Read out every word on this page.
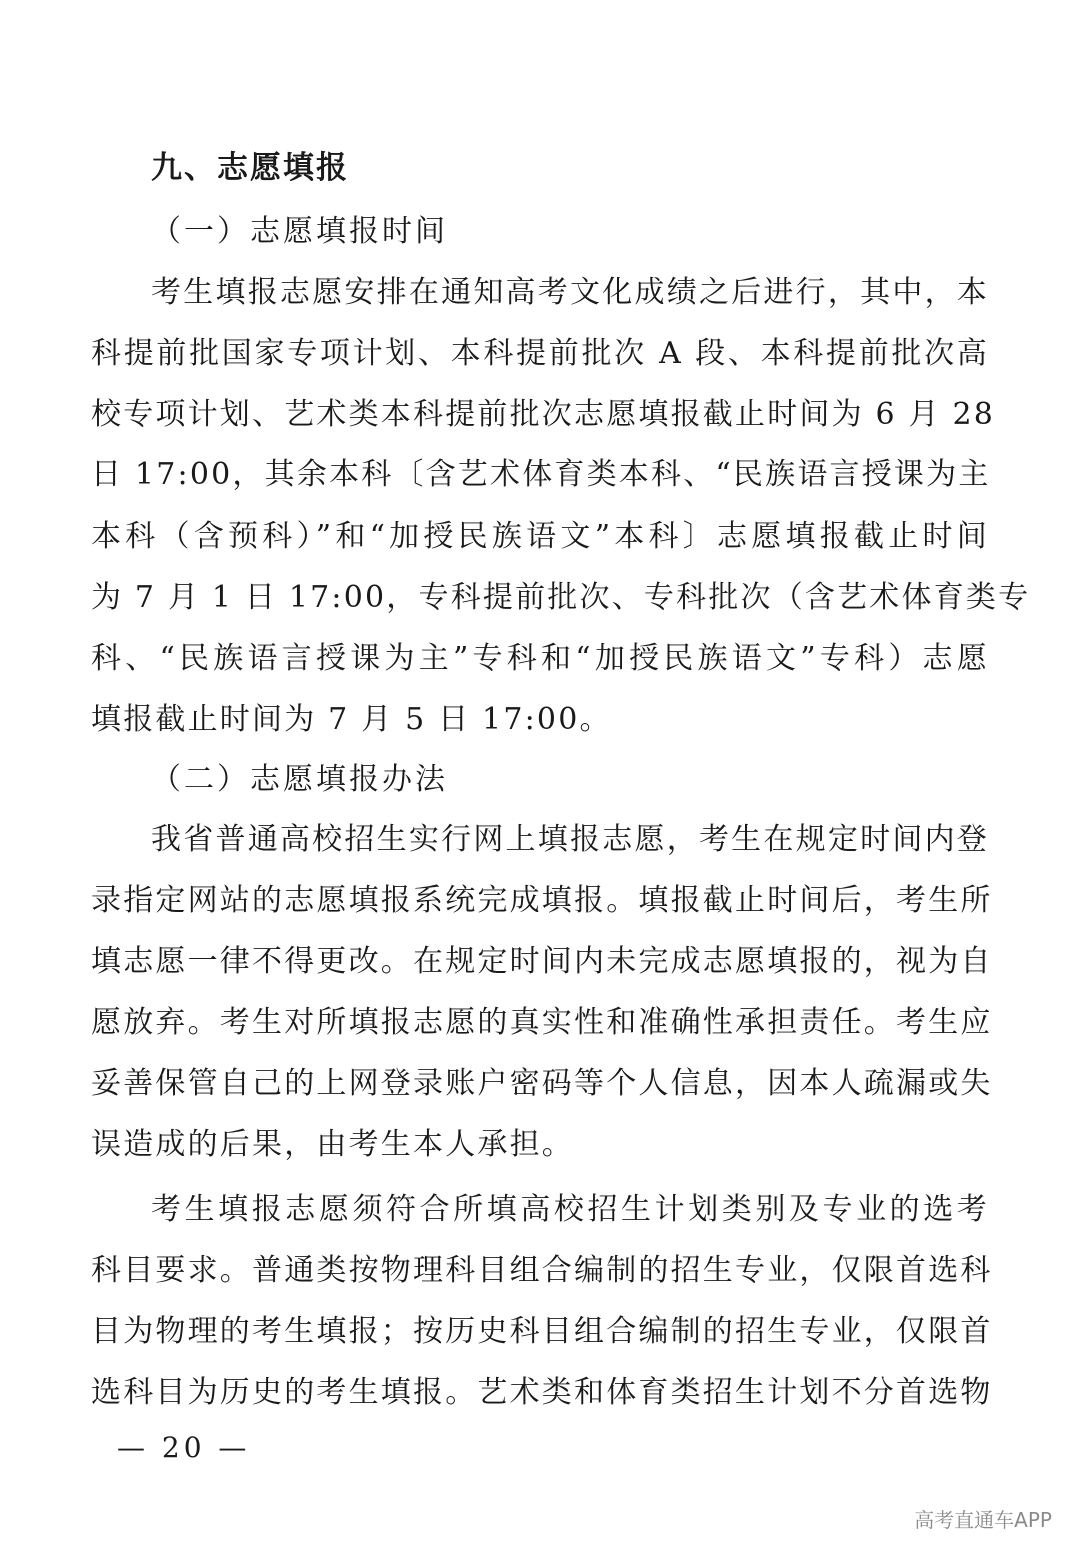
九、志愿填报
（一）志愿填报时间
考生填报志愿安排在通知高考文化成绩之后进行，其中，本
科提前批国家专项计划、本科提前批次 A 段、本科提前批次高
校专项计划、艺术类本科提前批次志愿填报截止时间为 6 月 28
日 17:00，其余本科〔含艺术体育类本科、“民族语言授课为主
本科（含预科）”和“加授民族语文”本科〕志愿填报截止时间
为 7 月 1 日 17:00，专科提前批次、专科批次（含艺术体育类专
科、“民族语言授课为主”专科和“加授民族语文”专科）志愿
填报截止时间为 7 月 5 日 17:00。
（二）志愿填报办法
我省普通高校招生实行网上填报志愿，考生在规定时间内登
录指定网站的志愿填报系统完成填报。填报截止时间后，考生所
填志愿一律不得更改。在规定时间内未完成志愿填报的，视为自
愿放弃。考生对所填报志愿的真实性和准确性承担责任。考生应
妥善保管自己的上网登录账户密码等个人信息，因本人疏漏或失
误造成的后果，由考生本人承担。
考生填报志愿须符合所填高校招生计划类别及专业的选考
科目要求。普通类按物理科目组合编制的招生专业，仅限首选科
目为物理的考生填报；按历史科目组合编制的招生专业，仅限首
选科目为历史的考生填报。艺术类和体育类招生计划不分首选物
— 20 —
高考直通车APP
